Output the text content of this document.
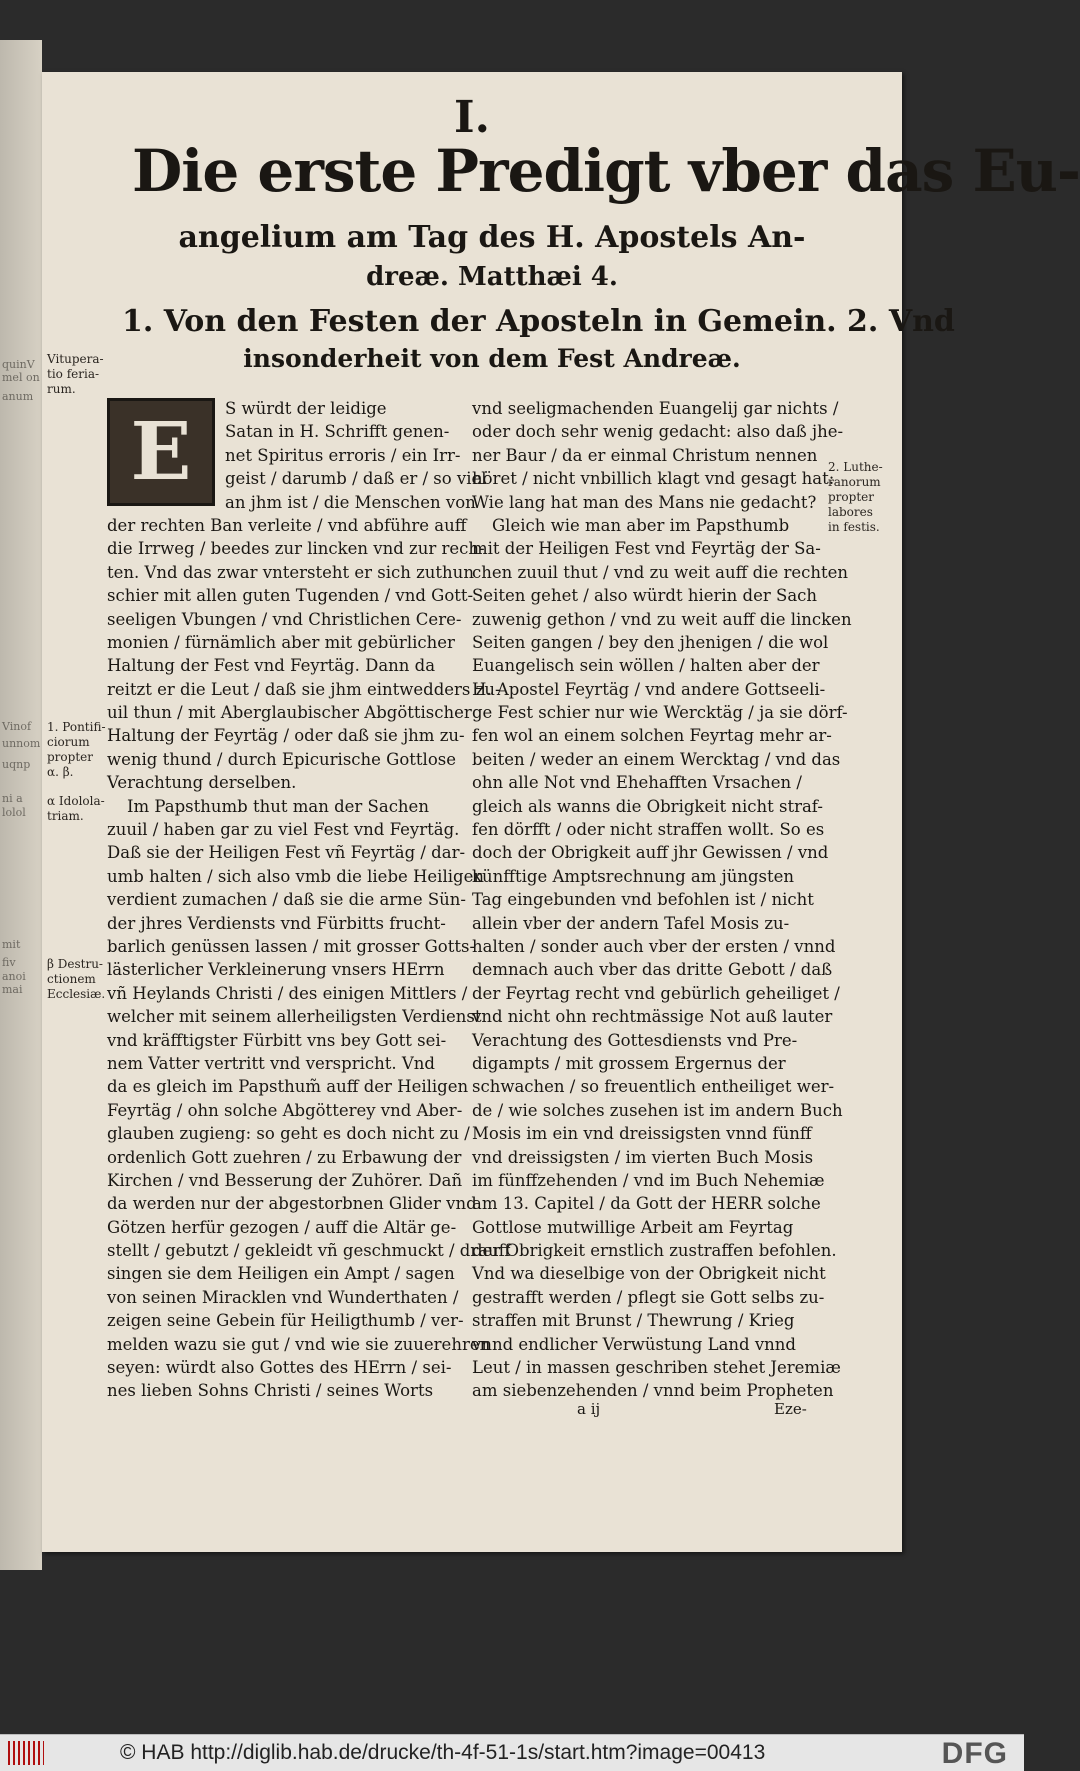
quinV
mel on
anum
Vinof
unnom
uqnp
ni a
lolol
mit
fiv
anoi
mai
I.
Die erste Predigt vber das Eu-
angelium am Tag des H. Apostels An-
dreæ. Matthæi 4.
1. Von den Festen der Aposteln in Gemein. 2. Vnd
insonderheit von dem Fest Andreæ.
Vitupera-
tio feria-
rum.
1. Pontifi-
ciorum
propter
α. β.
α Idolola-
triam.
β Destru-
ctionem
Ecclesiæ.
2. Luthe-
ranorum
propter
labores
in festis.
S würdt der leidige
Satan in H. Schrifft genen-
net Spiritus erroris / ein Irr-
geist / darumb / daß er / so viel
an jhm ist / die Menschen von
der rechten Ban verleite / vnd abführe auff
die Irrweg / beedes zur lincken vnd zur rech-
ten. Vnd das zwar vntersteht er sich zuthun
schier mit allen guten Tugenden / vnd Gott-
seeligen Vbungen / vnd Christlichen Cere-
monien / fürnämlich aber mit gebürlicher
Haltung der Fest vnd Feyrtäg. Dann da
reitzt er die Leut / daß sie jhm eintwedders zu-
uil thun / mit Aberglaubischer Abgöttischer
Haltung der Feyrtäg / oder daß sie jhm zu-
wenig thund / durch Epicurische Gottlose
Verachtung derselben.
Im Papsthumb thut man der Sachen
zuuil / haben gar zu viel Fest vnd Feyrtäg.
Daß sie der Heiligen Fest vñ Feyrtäg / dar-
umb halten / sich also vmb die liebe Heiligen
verdient zumachen / daß sie die arme Sün-
der jhres Verdiensts vnd Fürbitts frucht-
barlich genüssen lassen / mit grosser Gotts-
lästerlicher Verkleinerung vnsers HErrn
vñ Heylands Christi / des einigen Mittlers /
welcher mit seinem allerheiligsten Verdienst
vnd kräfftigster Fürbitt vns bey Gott sei-
nem Vatter vertritt vnd verspricht. Vnd
da es gleich im Papsthum̃ auff der Heiligen
Feyrtäg / ohn solche Abgötterey vnd Aber-
glauben zugieng: so geht es doch nicht zu /
ordenlich Gott zuehren / zu Erbawung der
Kirchen / vnd Besserung der Zuhörer. Dañ
da werden nur der abgestorbnen Glider vnd
Götzen herfür gezogen / auff die Altär ge-
stellt / gebutzt / gekleidt vñ geschmuckt / drauff
singen sie dem Heiligen ein Ampt / sagen
von seinen Miracklen vnd Wunderthaten /
zeigen seine Gebein für Heiligthumb / ver-
melden wazu sie gut / vnd wie sie zuuerehren
seyen: würdt also Gottes des HErrn / sei-
nes lieben Sohns Christi / seines Worts
E	vnd seeligmachenden Euangelij gar nichts /
oder doch sehr wenig gedacht: also daß jhe-
ner Baur / da er einmal Christum nennen
höret / nicht vnbillich klagt vnd gesagt hat:
Wie lang hat man des Mans nie gedacht?
Gleich wie man aber im Papsthumb
mit der Heiligen Fest vnd Feyrtäg der Sa-
chen zuuil thut / vnd zu weit auff die rechten
Seiten gehet / also würdt hierin der Sach
zuwenig gethon / vnd zu weit auff die lincken
Seiten gangen / bey den jhenigen / die wol
Euangelisch sein wöllen / halten aber der
H. Apostel Feyrtäg / vnd andere Gottseeli-
ge Fest schier nur wie Wercktäg / ja sie dörf-
fen wol an einem solchen Feyrtag mehr ar-
beiten / weder an einem Wercktag / vnd das
ohn alle Not vnd Ehehafften Vrsachen /
gleich als wanns die Obrigkeit nicht straf-
fen dörfft / oder nicht straffen wollt. So es
doch der Obrigkeit auff jhr Gewissen / vnd
künfftige Amptsrechnung am jüngsten
Tag eingebunden vnd befohlen ist / nicht
allein vber der andern Tafel Mosis zu-
halten / sonder auch vber der ersten / vnnd
demnach auch vber das dritte Gebott / daß
der Feyrtag recht vnd gebürlich geheiliget /
vnd nicht ohn rechtmässige Not auß lauter
Verachtung des Gottesdiensts vnd Pre-
digampts / mit grossem Ergernus der
schwachen / so freuentlich entheiliget wer-
de / wie solches zusehen ist im andern Buch
Mosis im ein vnd dreissigsten vnnd fünff
vnd dreissigsten / im vierten Buch Mosis
im fünffzehenden / vnd im Buch Nehemiæ
am 13. Capitel / da Gott der HERR solche
Gottlose mutwillige Arbeit am Feyrtag
der Obrigkeit ernstlich zustraffen befohlen.
Vnd wa dieselbige von der Obrigkeit nicht
gestrafft werden / pflegt sie Gott selbs zu-
straffen mit Brunst / Thewrung / Krieg
vnnd endlicher Verwüstung Land vnnd
Leut / in massen geschriben stehet Jeremiæ
am siebenzehenden / vnnd beim Propheten
a ij	Eze-
© HAB http://diglib.hab.de/drucke/th-4f-51-1s/start.htm?image=00413	DFG
